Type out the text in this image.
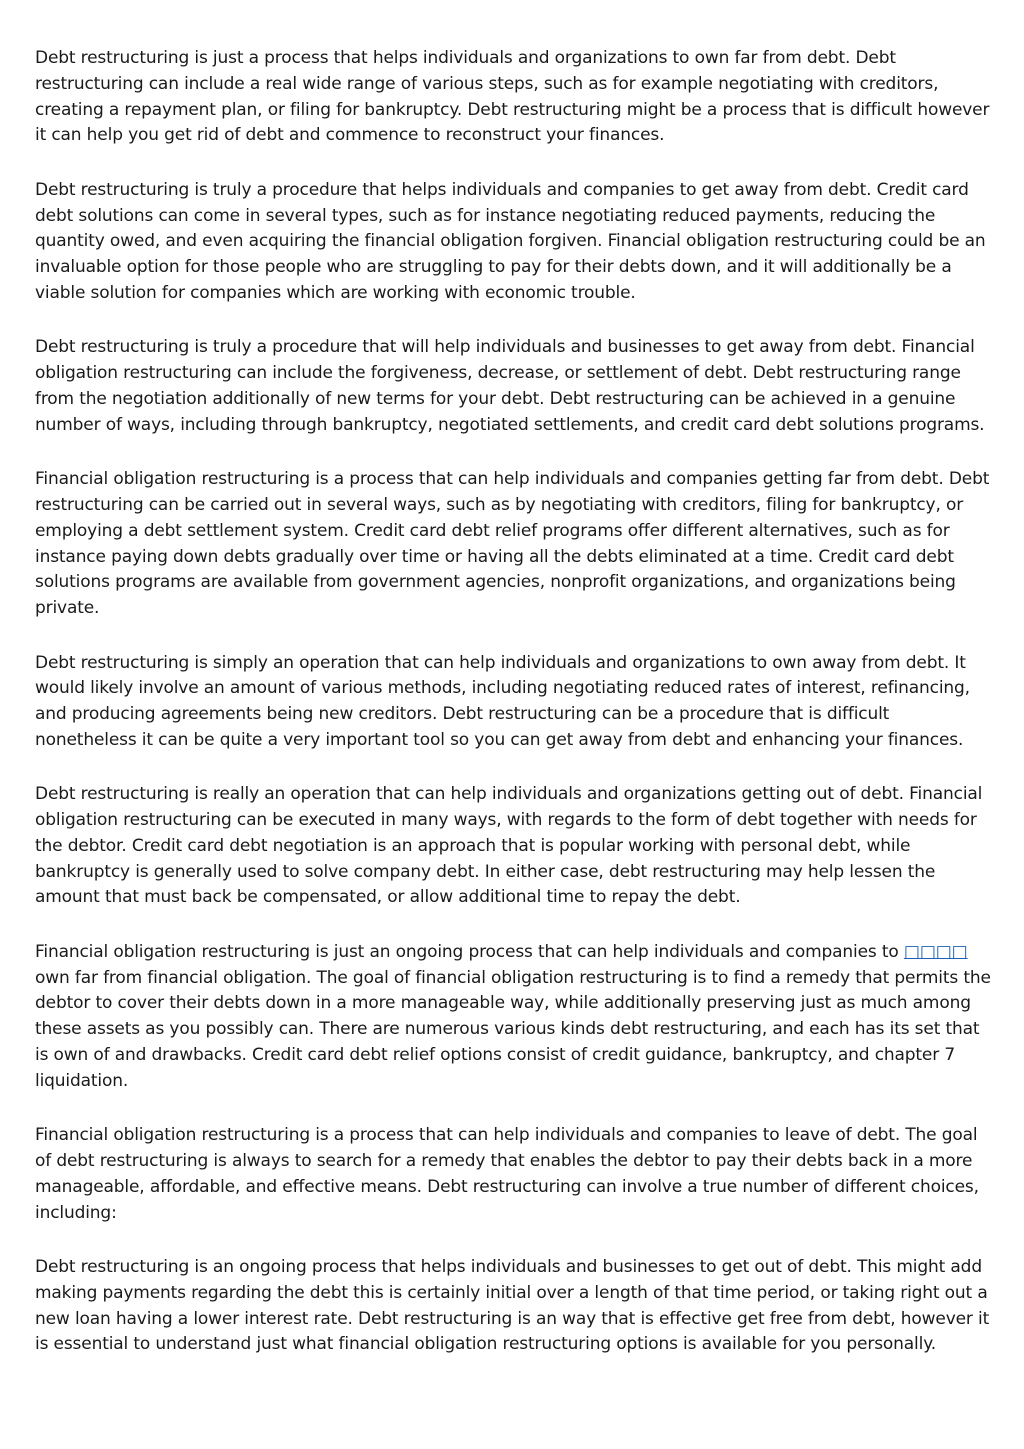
Debt restructuring is just a process that helps individuals and organizations to own far from debt. Debt restructuring can include a real wide range of various steps, such as for example negotiating with creditors, creating a repayment plan, or filing for bankruptcy. Debt restructuring might be a process that is difficult however it can help you get rid of debt and commence to reconstruct your finances.

Debt restructuring is truly a procedure that helps individuals and companies to get away from debt. Credit card debt solutions can come in several types, such as for instance negotiating reduced payments, reducing the quantity owed, and even acquiring the financial obligation forgiven. Financial obligation restructuring could be an invaluable option for those people who are struggling to pay for their debts down, and it will additionally be a viable solution for companies which are working with economic trouble.

Debt restructuring is truly a procedure that will help individuals and businesses to get away from debt. Financial obligation restructuring can include the forgiveness, decrease, or settlement of debt. Debt restructuring range from the negotiation additionally of new terms for your debt. Debt restructuring can be achieved in a genuine number of ways, including through bankruptcy, negotiated settlements, and credit card debt solutions programs.

Financial obligation restructuring is a process that can help individuals and companies getting far from debt. Debt restructuring can be carried out in several ways, such as by negotiating with creditors, filing for bankruptcy, or employing a debt settlement system. Credit card debt relief programs offer different alternatives, such as for instance paying down debts gradually over time or having all the debts eliminated at a time. Credit card debt solutions programs are available from government agencies, nonprofit organizations, and organizations being private.

Debt restructuring is simply an operation that can help individuals and organizations to own away from debt. It would likely involve an amount of various methods, including negotiating reduced rates of interest, refinancing, and producing agreements being new creditors. Debt restructuring can be a procedure that is difficult nonetheless it can be quite a very important tool so you can get away from debt and enhancing your finances.

Debt restructuring is really an operation that can help individuals and organizations getting out of debt. Financial obligation restructuring can be executed in many ways, with regards to the form of debt together with needs for the debtor. Credit card debt negotiation is an approach that is popular working with personal debt, while bankruptcy is generally used to solve company debt. In either case, debt restructuring may help lessen the amount that must back be compensated, or allow additional time to repay the debt.

Financial obligation restructuring is just an ongoing process that can help individuals and companies to □□□□ own far from financial obligation. The goal of financial obligation restructuring is to find a remedy that permits the debtor to cover their debts down in a more manageable way, while additionally preserving just as much among these assets as you possibly can. There are numerous various kinds debt restructuring, and each has its set that is own of and drawbacks. Credit card debt relief options consist of credit guidance, bankruptcy, and chapter 7 liquidation.

Financial obligation restructuring is a process that can help individuals and companies to leave of debt. The goal of debt restructuring is always to search for a remedy that enables the debtor to pay their debts back in a more manageable, affordable, and effective means. Debt restructuring can involve a true number of different choices, including:

Debt restructuring is an ongoing process that helps individuals and businesses to get out of debt. This might add making payments regarding the debt this is certainly initial over a length of that time period, or taking right out a new loan having a lower interest rate. Debt restructuring is an way that is effective get free from debt, however it is essential to understand just what financial obligation restructuring options is available for you personally.
